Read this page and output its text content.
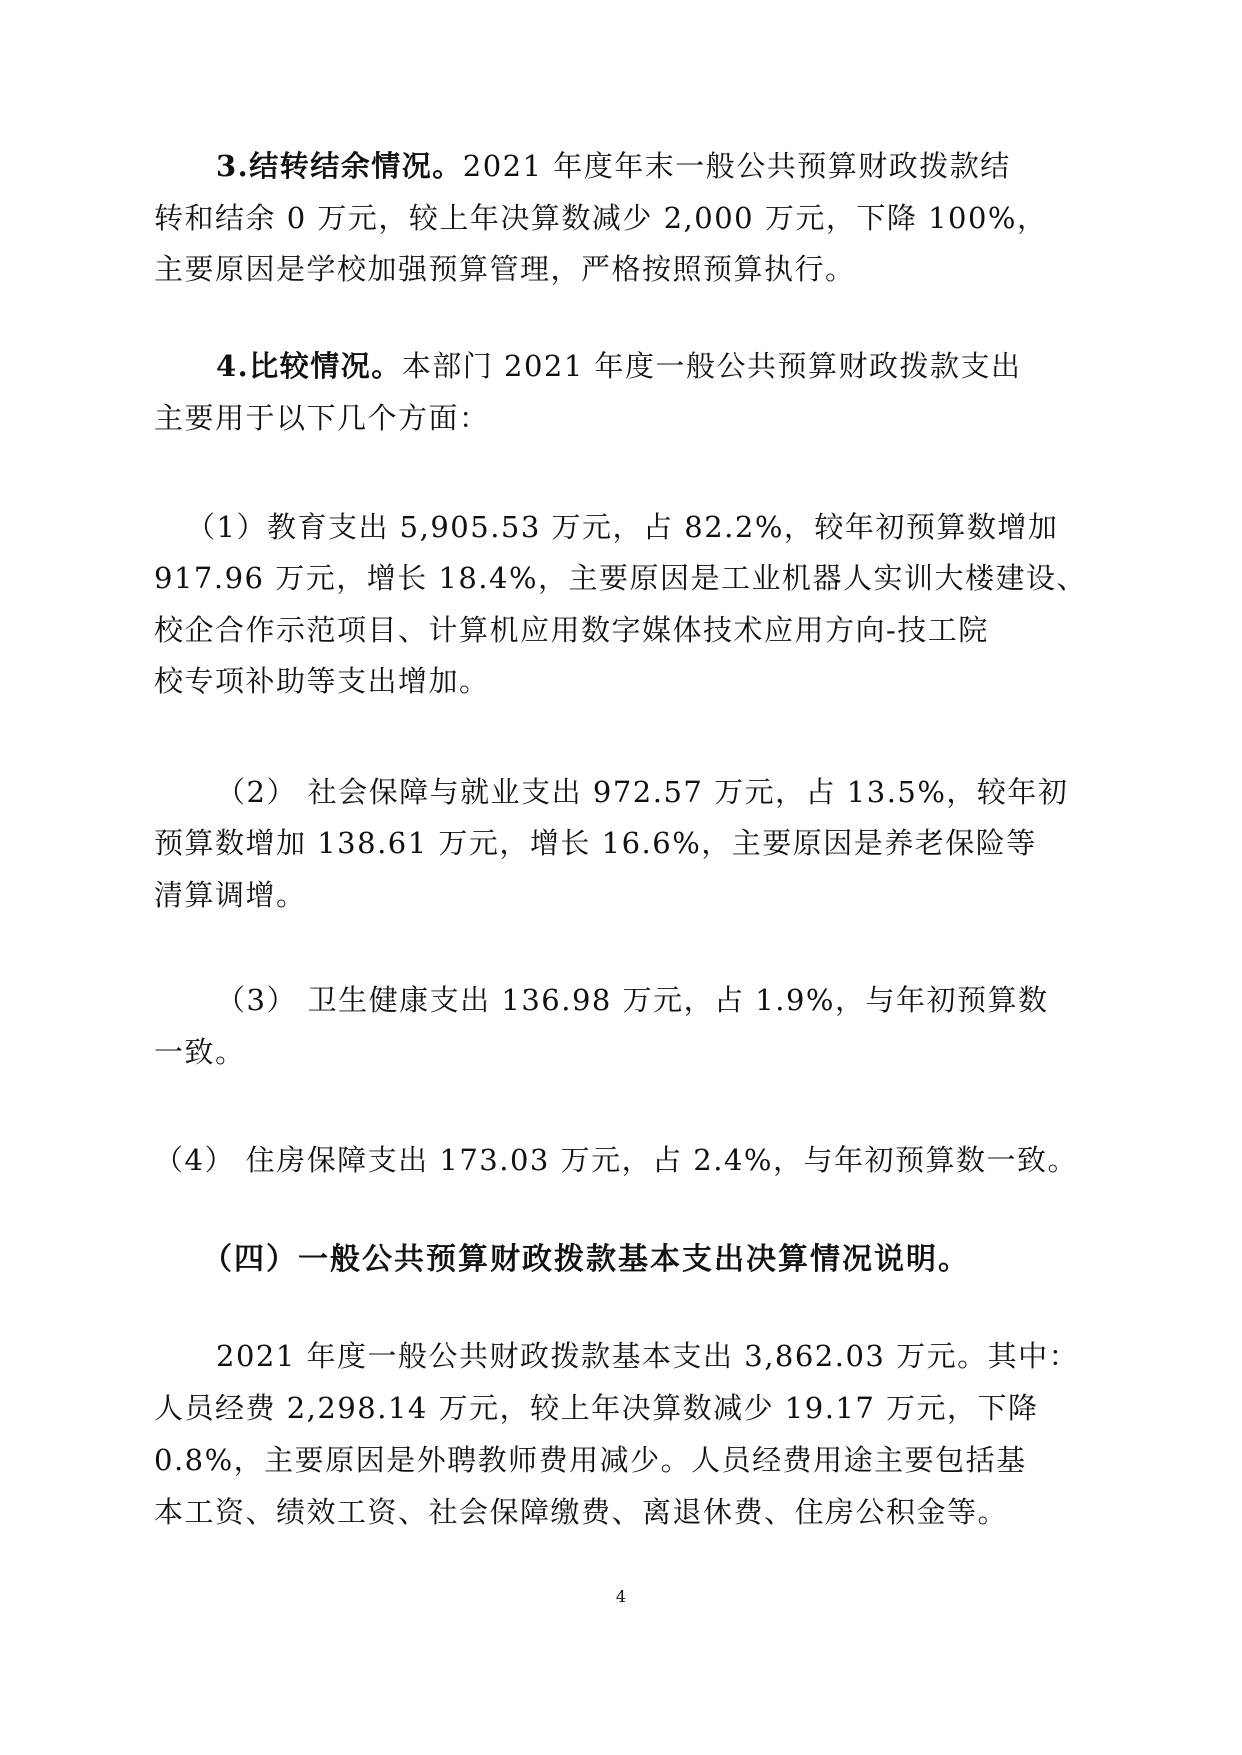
3.结转结余情况。2021 年度年末一般公共预算财政拨款结
转和结余 0 万元，较上年决算数减少 2,000 万元，下降 100%，
主要原因是学校加强预算管理，严格按照预算执行。
4.比较情况。本部门 2021 年度一般公共预算财政拨款支出
主要用于以下几个方面：
（1）教育支出 5,905.53 万元，占 82.2%，较年初预算数增加
917.96 万元，增长 18.4%，主要原因是工业机器人实训大楼建设、
校企合作示范项目、计算机应用数字媒体技术应用方向-技工院
校专项补助等支出增加。
（2） 社会保障与就业支出 972.57 万元，占 13.5%，较年初
预算数增加 138.61 万元，增长 16.6%，主要原因是养老保险等
清算调增。
（3） 卫生健康支出 136.98 万元，占 1.9%，与年初预算数
一致。
（4） 住房保障支出 173.03 万元，占 2.4%，与年初预算数一致。
（四）一般公共预算财政拨款基本支出决算情况说明。
2021 年度一般公共财政拨款基本支出 3,862.03 万元。其中：
人员经费 2,298.14 万元，较上年决算数减少 19.17 万元，下降
0.8%，主要原因是外聘教师费用减少。人员经费用途主要包括基
本工资、绩效工资、社会保障缴费、离退休费、住房公积金等。
4
